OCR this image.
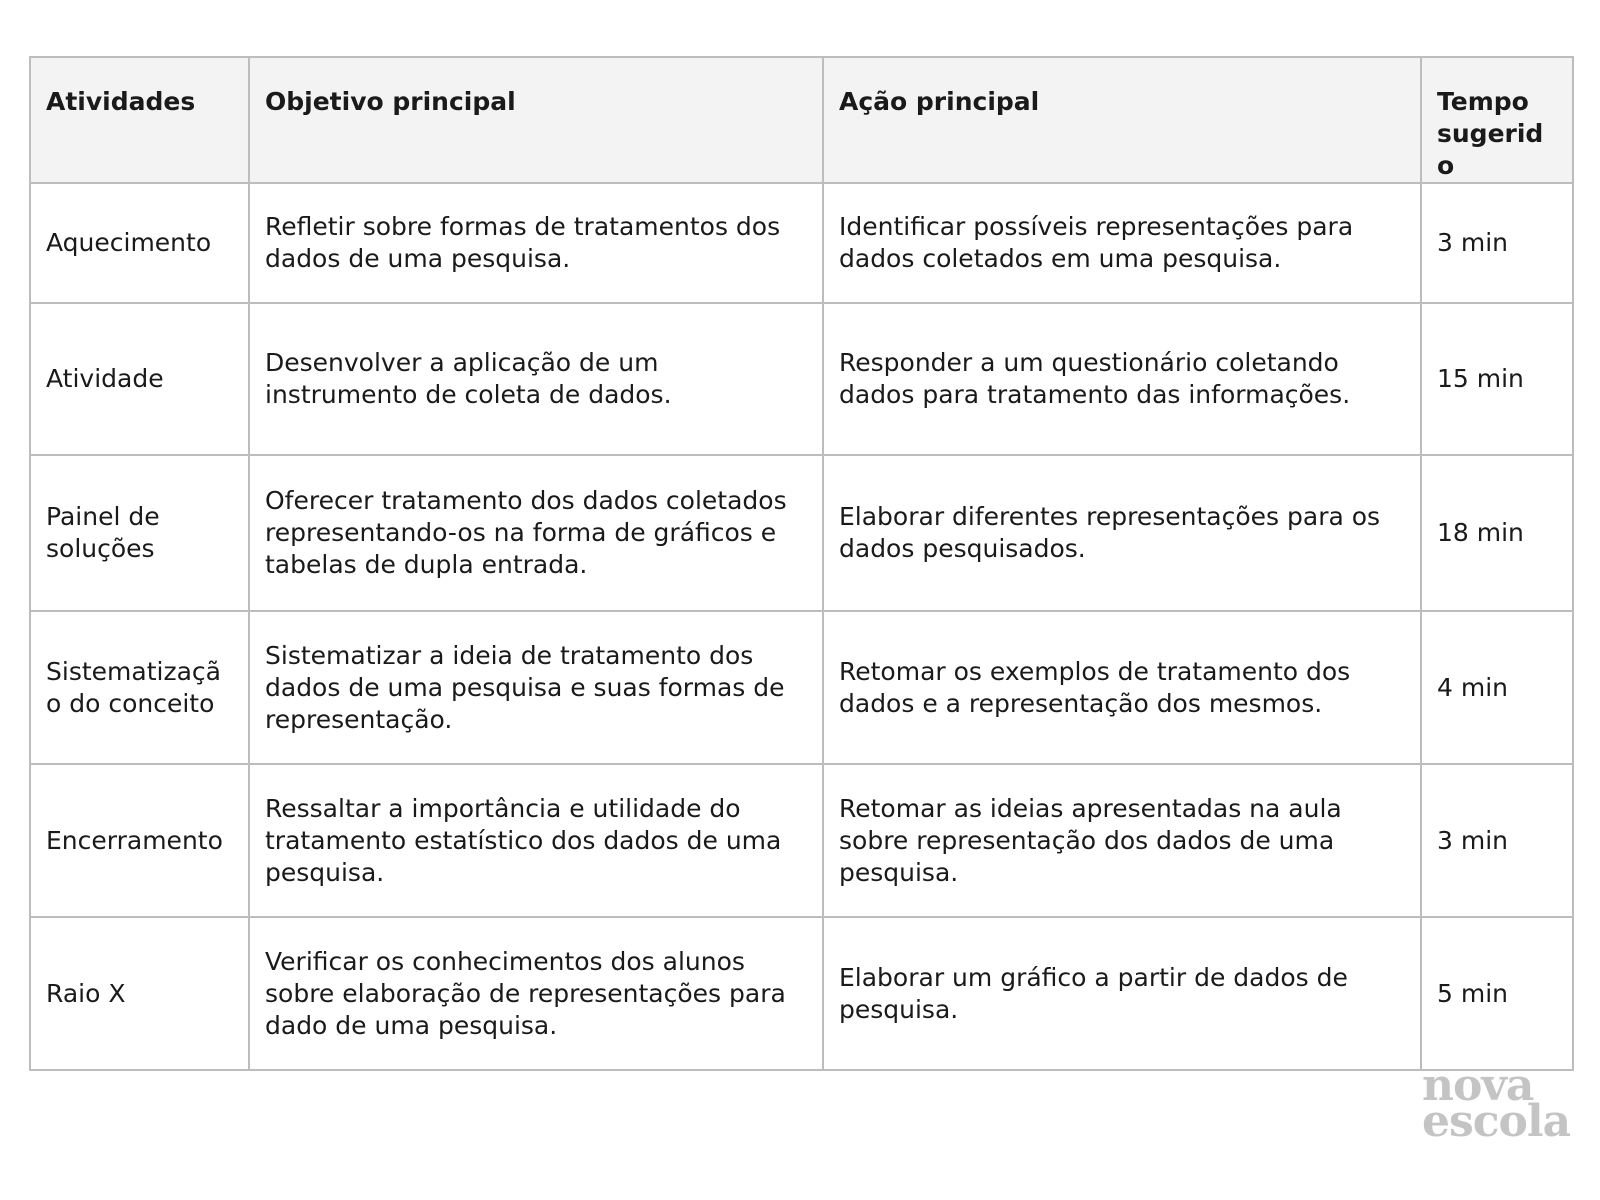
Atividades	Objetivo principal	Ação principal	Tempo sugerido
Aquecimento	Refletir sobre formas de tratamentos dos dados de uma pesquisa.	Identificar possíveis representações para dados coletados em uma pesquisa.	3 min
Atividade	Desenvolver a aplicação de um instrumento de coleta de dados.	Responder a um questionário coletando dados para tratamento das informações.	15 min
Painel de soluções	Oferecer tratamento dos dados coletados representando-os na forma de gráficos e tabelas de dupla entrada.	Elaborar diferentes representações para os dados pesquisados.	18 min
Sistematização do conceito	Sistematizar a ideia de tratamento dos dados de uma pesquisa e suas formas de representação.	Retomar os exemplos de tratamento dos dados e a representação dos mesmos.	4 min
Encerramento	Ressaltar a importância e utilidade do tratamento estatístico dos dados de uma pesquisa.	Retomar as ideias apresentadas na aula sobre representação dos dados de uma pesquisa.	3 min
Raio X	Verificar os conhecimentos dos alunos sobre elaboração de representações para dado de uma pesquisa.	Elaborar um gráfico a partir de dados de pesquisa.	5 min
nova
escola
